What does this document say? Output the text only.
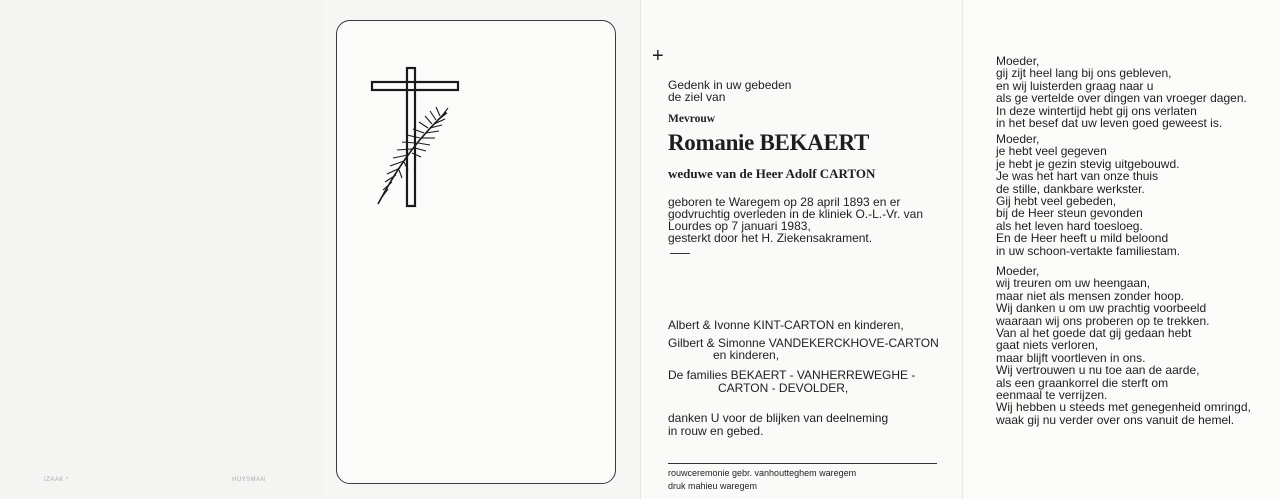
IZAAK *	HUYSMAN
+
Gedenk in uw gebeden
de ziel van
Mevrouw
Romanie BEKAERT
weduwe van de Heer Adolf CARTON
geboren te Waregem op 28 april 1893 en er
godvruchtig overleden in de kliniek O.-L.-Vr. van
Lourdes op 7 januari 1983,
gesterkt door het H. Ziekensakrament.
Albert & Ivonne KINT-CARTON en kinderen,
Gilbert & Simonne VANDEKERCKHOVE-CARTON
en kinderen,
De families BEKAERT - VANHERREWEGHE -
CARTON - DEVOLDER,
danken U voor de blijken van deelneming
in rouw en gebed.
rouwceremonie gebr. vanhoutteghem waregem
druk mahieu waregem
Moeder,
gij zijt heel lang bij ons gebleven,
en wij luisterden graag naar u
als ge vertelde over dingen van vroeger dagen.
In deze wintertijd hebt gij ons verlaten
in het besef dat uw leven goed geweest is.
Moeder,
je hebt veel gegeven
je hebt je gezin stevig uitgebouwd.
Je was het hart van onze thuis
de stille, dankbare werkster.
Gij hebt veel gebeden,
bij de Heer steun gevonden
als het leven hard toesloeg.
En de Heer heeft u mild beloond
in uw schoon-vertakte familiestam.
Moeder,
wij treuren om uw heengaan,
maar niet als mensen zonder hoop.
Wij danken u om uw prachtig voorbeeld
waaraan wij ons proberen op te trekken.
Van al het goede dat gij gedaan hebt
gaat niets verloren,
maar blijft voortleven in ons.
Wij vertrouwen u nu toe aan de aarde,
als een graankorrel die sterft om
eenmaal te verrijzen.
Wij hebben u steeds met genegenheid omringd,
waak gij nu verder over ons vanuit de hemel.
